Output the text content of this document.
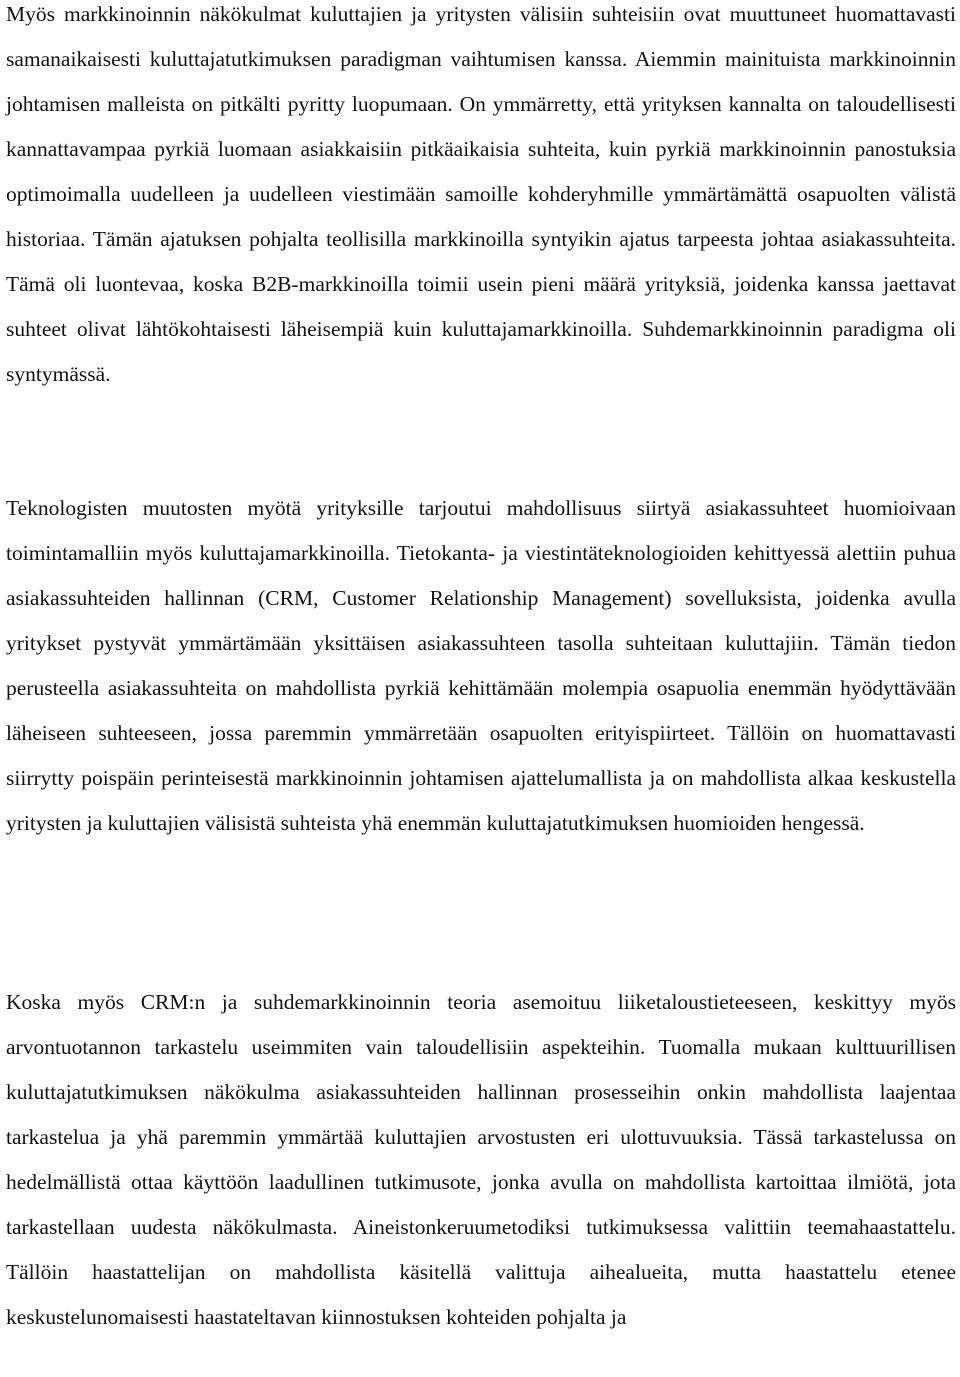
Myös markkinoinnin näkökulmat kuluttajien ja yritysten välisiin suhteisiin ovat muuttuneet huomattavasti samanaikaisesti kuluttajatutkimuksen paradigman vaihtumisen kanssa. Aiemmin mainituista markkinoinnin johtamisen malleista on pitkälti pyritty luopumaan. On ymmärretty, että yrityksen kannalta on taloudellisesti kannattavampaa pyrkiä luomaan asiakkaisiin pitkäaikaisia suhteita, kuin pyrkiä markkinoinnin panostuksia optimoimalla uudelleen ja uudelleen viestimään samoille kohderyhmille ymmärtämättä osapuolten välistä historiaa. Tämän ajatuksen pohjalta teollisilla markkinoilla syntyikin ajatus tarpeesta johtaa asiakassuhteita. Tämä oli luontevaa, koska B2B-markkinoilla toimii usein pieni määrä yrityksiä, joidenka kanssa jaettavat suhteet olivat lähtökohtaisesti läheisempiä kuin kuluttajamarkkinoilla. Suhdemarkkinoinnin paradigma oli syntymässä.

Teknologisten muutosten myötä yrityksille tarjoutui mahdollisuus siirtyä asiakassuhteet huomioivaan toimintamalliin myös kuluttajamarkkinoilla. Tietokanta- ja viestintäteknologioiden kehittyessä alettiin puhua asiakassuhteiden hallinnan (CRM, Customer Relationship Management) sovelluksista, joidenka avulla yritykset pystyvät ymmärtämään yksittäisen asiakassuhteen tasolla suhteitaan kuluttajiin. Tämän tiedon perusteella asiakassuhteita on mahdollista pyrkiä kehittämään molempia osapuolia enemmän hyödyttävään läheiseen suhteeseen, jossa paremmin ymmärretään osapuolten erityispiirteet. Tällöin on huomattavasti siirrytty poispäin perinteisestä markkinoinnin johtamisen ajattelumallista ja on mahdollista alkaa keskustella yritysten ja kuluttajien välisistä suhteista yhä enemmän kuluttajatutkimuksen huomioiden hengessä.

Koska myös CRM:n ja suhdemarkkinoinnin teoria asemoituu liiketaloustieteeseen, keskittyy myös arvontuotannon tarkastelu useimmiten vain taloudellisiin aspekteihin. Tuomalla mukaan kulttuurillisen kuluttajatutkimuksen näkökulma asiakassuhteiden hallinnan prosesseihin onkin mahdollista laajentaa tarkastelua ja yhä paremmin ymmärtää kuluttajien arvostusten eri ulottuvuuksia. Tässä tarkastelussa on hedelmällistä ottaa käyttöön laadullinen tutkimusote, jonka avulla on mahdollista kartoittaa ilmiötä, jota tarkastellaan uudesta näkökulmasta. Aineistonkeruumetodiksi tutkimuksessa valittiin teemahaastattelu. Tällöin haastattelijan on mahdollista käsitellä valittuja aihealueita, mutta haastattelu etenee keskustelunomaisesti haastateltavan kiinnostuksen kohteiden pohjalta ja
